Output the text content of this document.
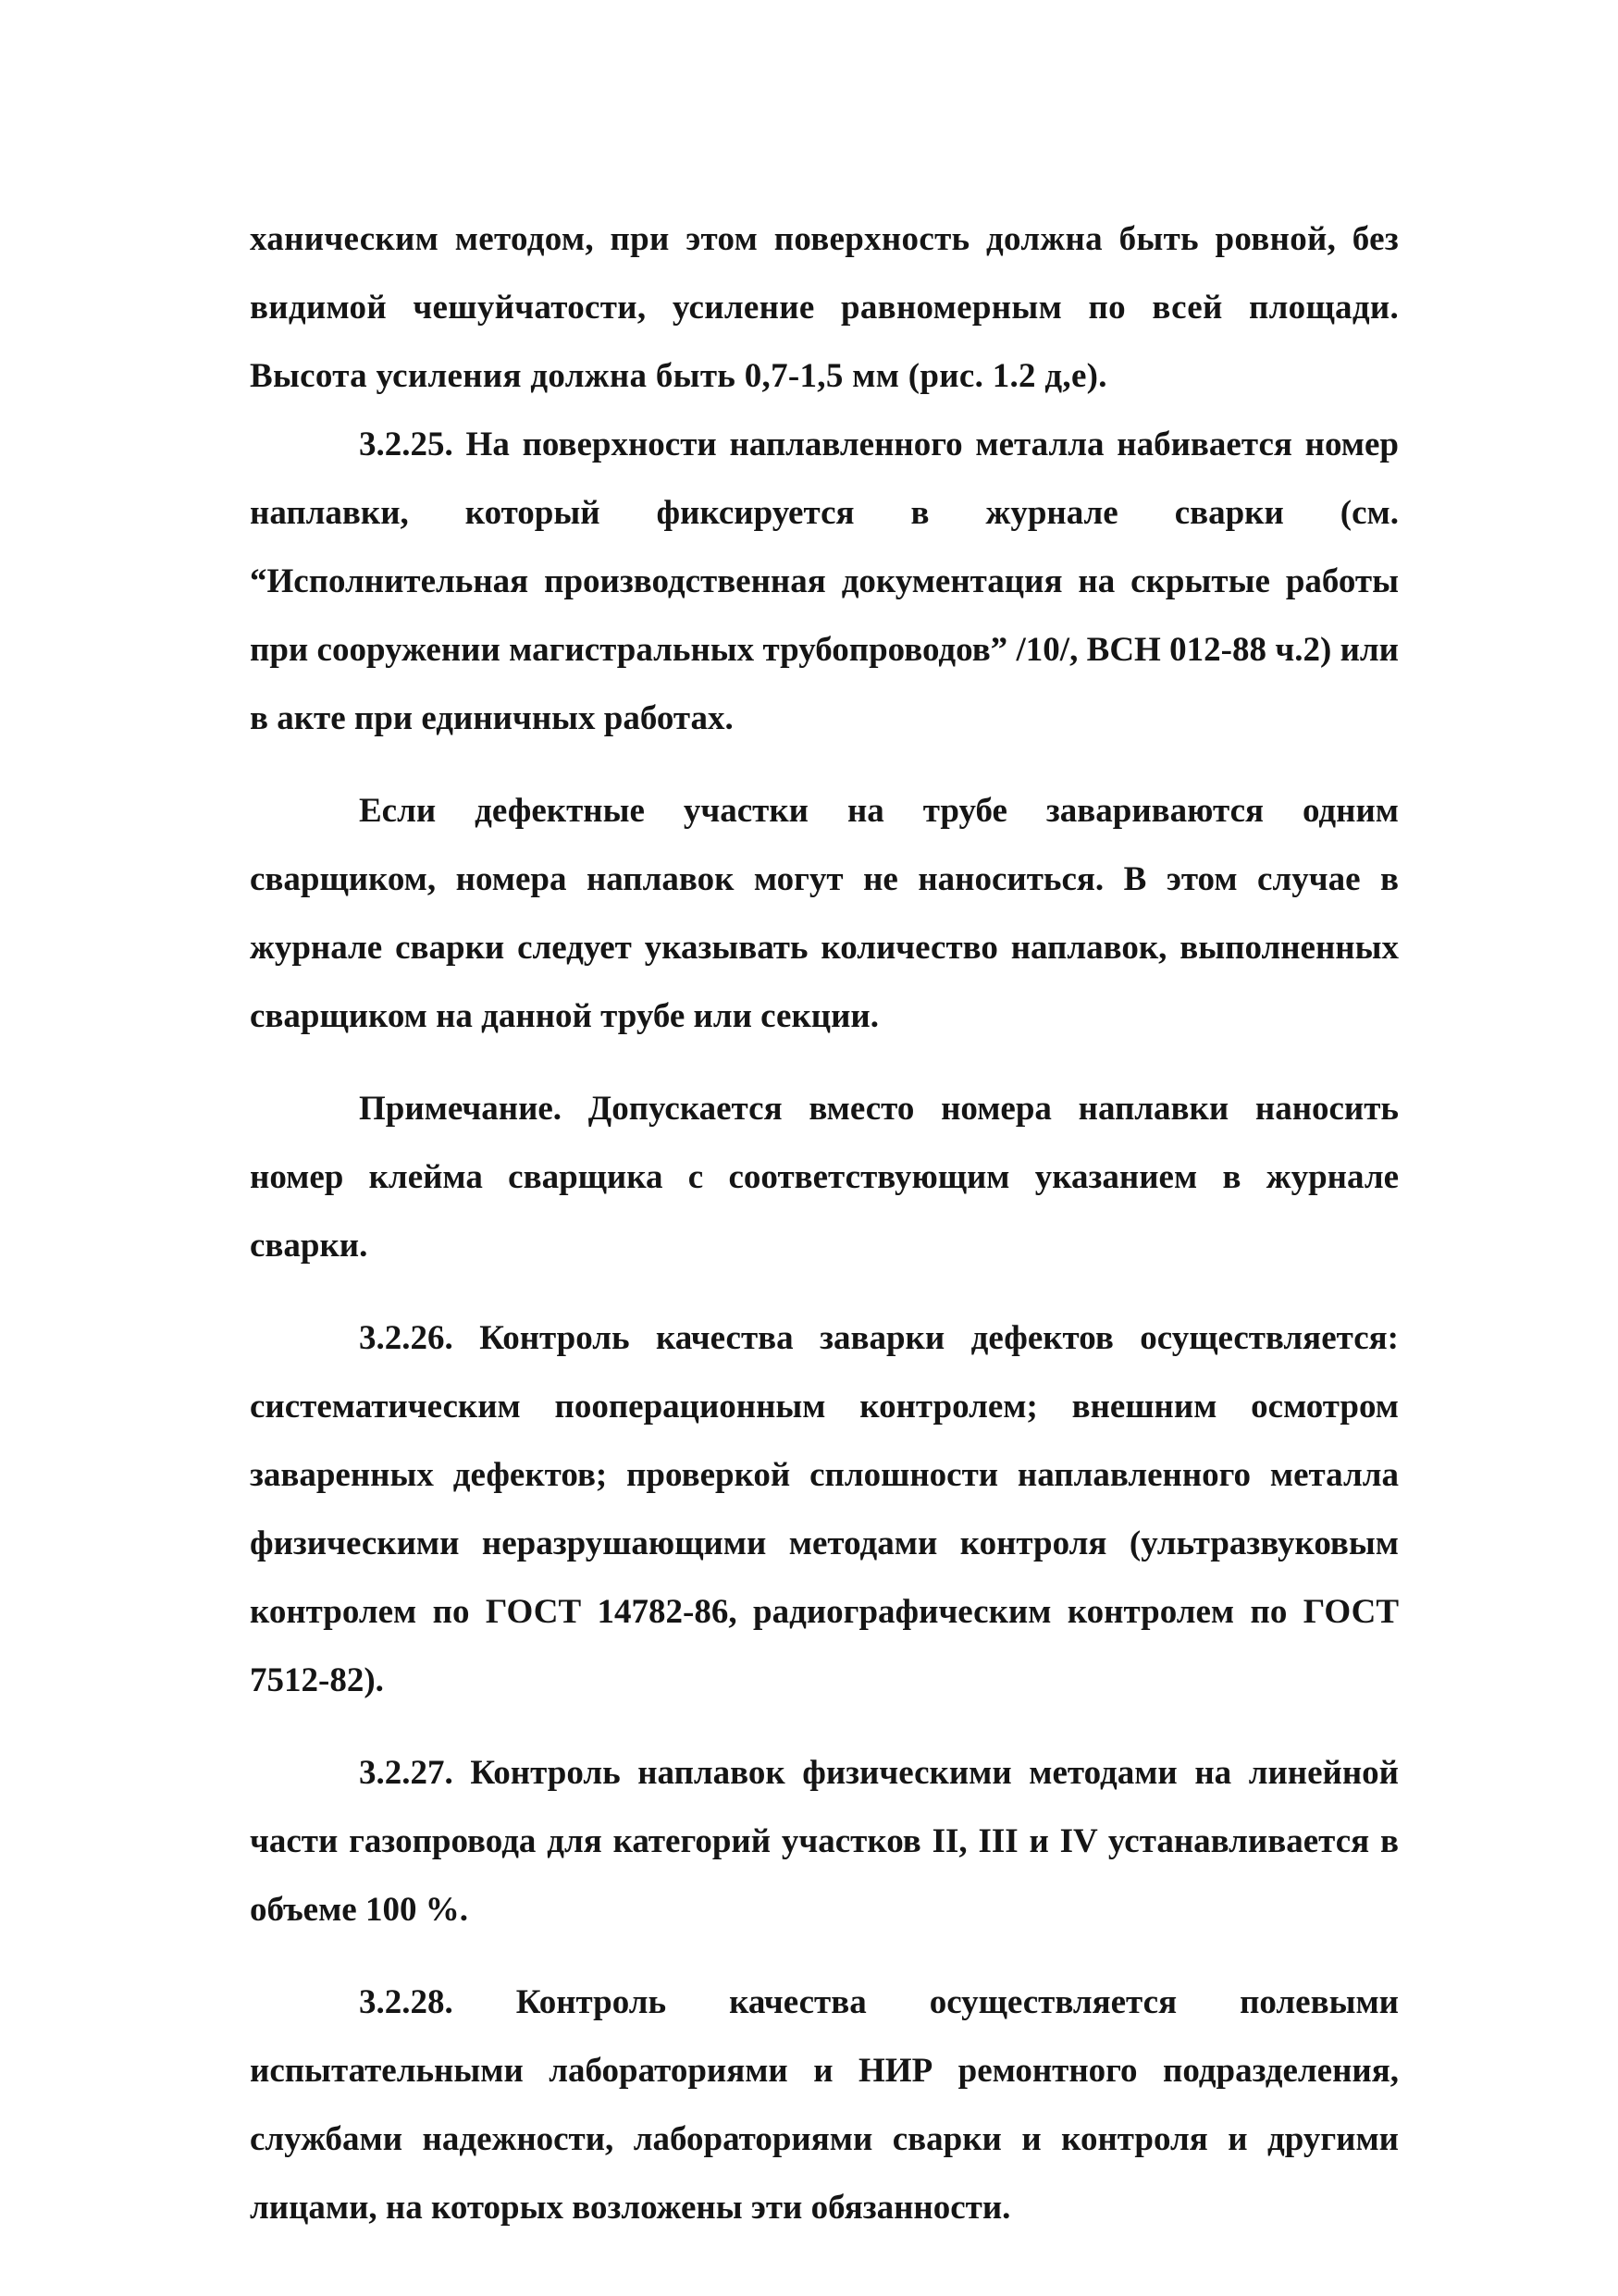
ханическим методом, при этом поверхность должна быть ровной, без видимой чешуйчатости, усиление равномерным по всей площади. Высота усиления должна быть 0,7-1,5 мм (рис. 1.2 д,е).

3.2.25. На поверхности наплавленного металла набивается номер наплавки, который фиксируется в журнале сварки (см. “Исполнительная производственная документация на скрытые работы при сооружении магистральных трубопроводов” /10/, ВСН 012-88 ч.2) или в акте при единичных работах.

Если дефектные участки на трубе завариваются одним сварщиком, номера наплавок могут не наноситься. В этом случае в журнале сварки следует указывать количество наплавок, выполненных сварщиком на данной трубе или секции.

Примечание. Допускается вместо номера наплавки наносить номер клейма сварщика с соответствующим указанием в журнале сварки.

3.2.26. Контроль качества заварки дефектов осуществляется: систематическим пооперационным контролем; внешним осмотром заваренных дефектов; проверкой сплошности наплавленного металла физическими неразрушающими методами контроля (ультразвуковым контролем по ГОСТ 14782-86, радиографическим контролем по ГОСТ 7512-82).

3.2.27. Контроль наплавок физическими методами на линейной части газопровода для категорий участков II, III и IV устанавливается в объеме 100 %.

3.2.28. Контроль качества осуществляется полевыми испытательными лабораториями и НИР ремонтного подразделения, службами надежности, лабораториями сварки и контроля и другими лицами, на которых возложены эти обязанности.
